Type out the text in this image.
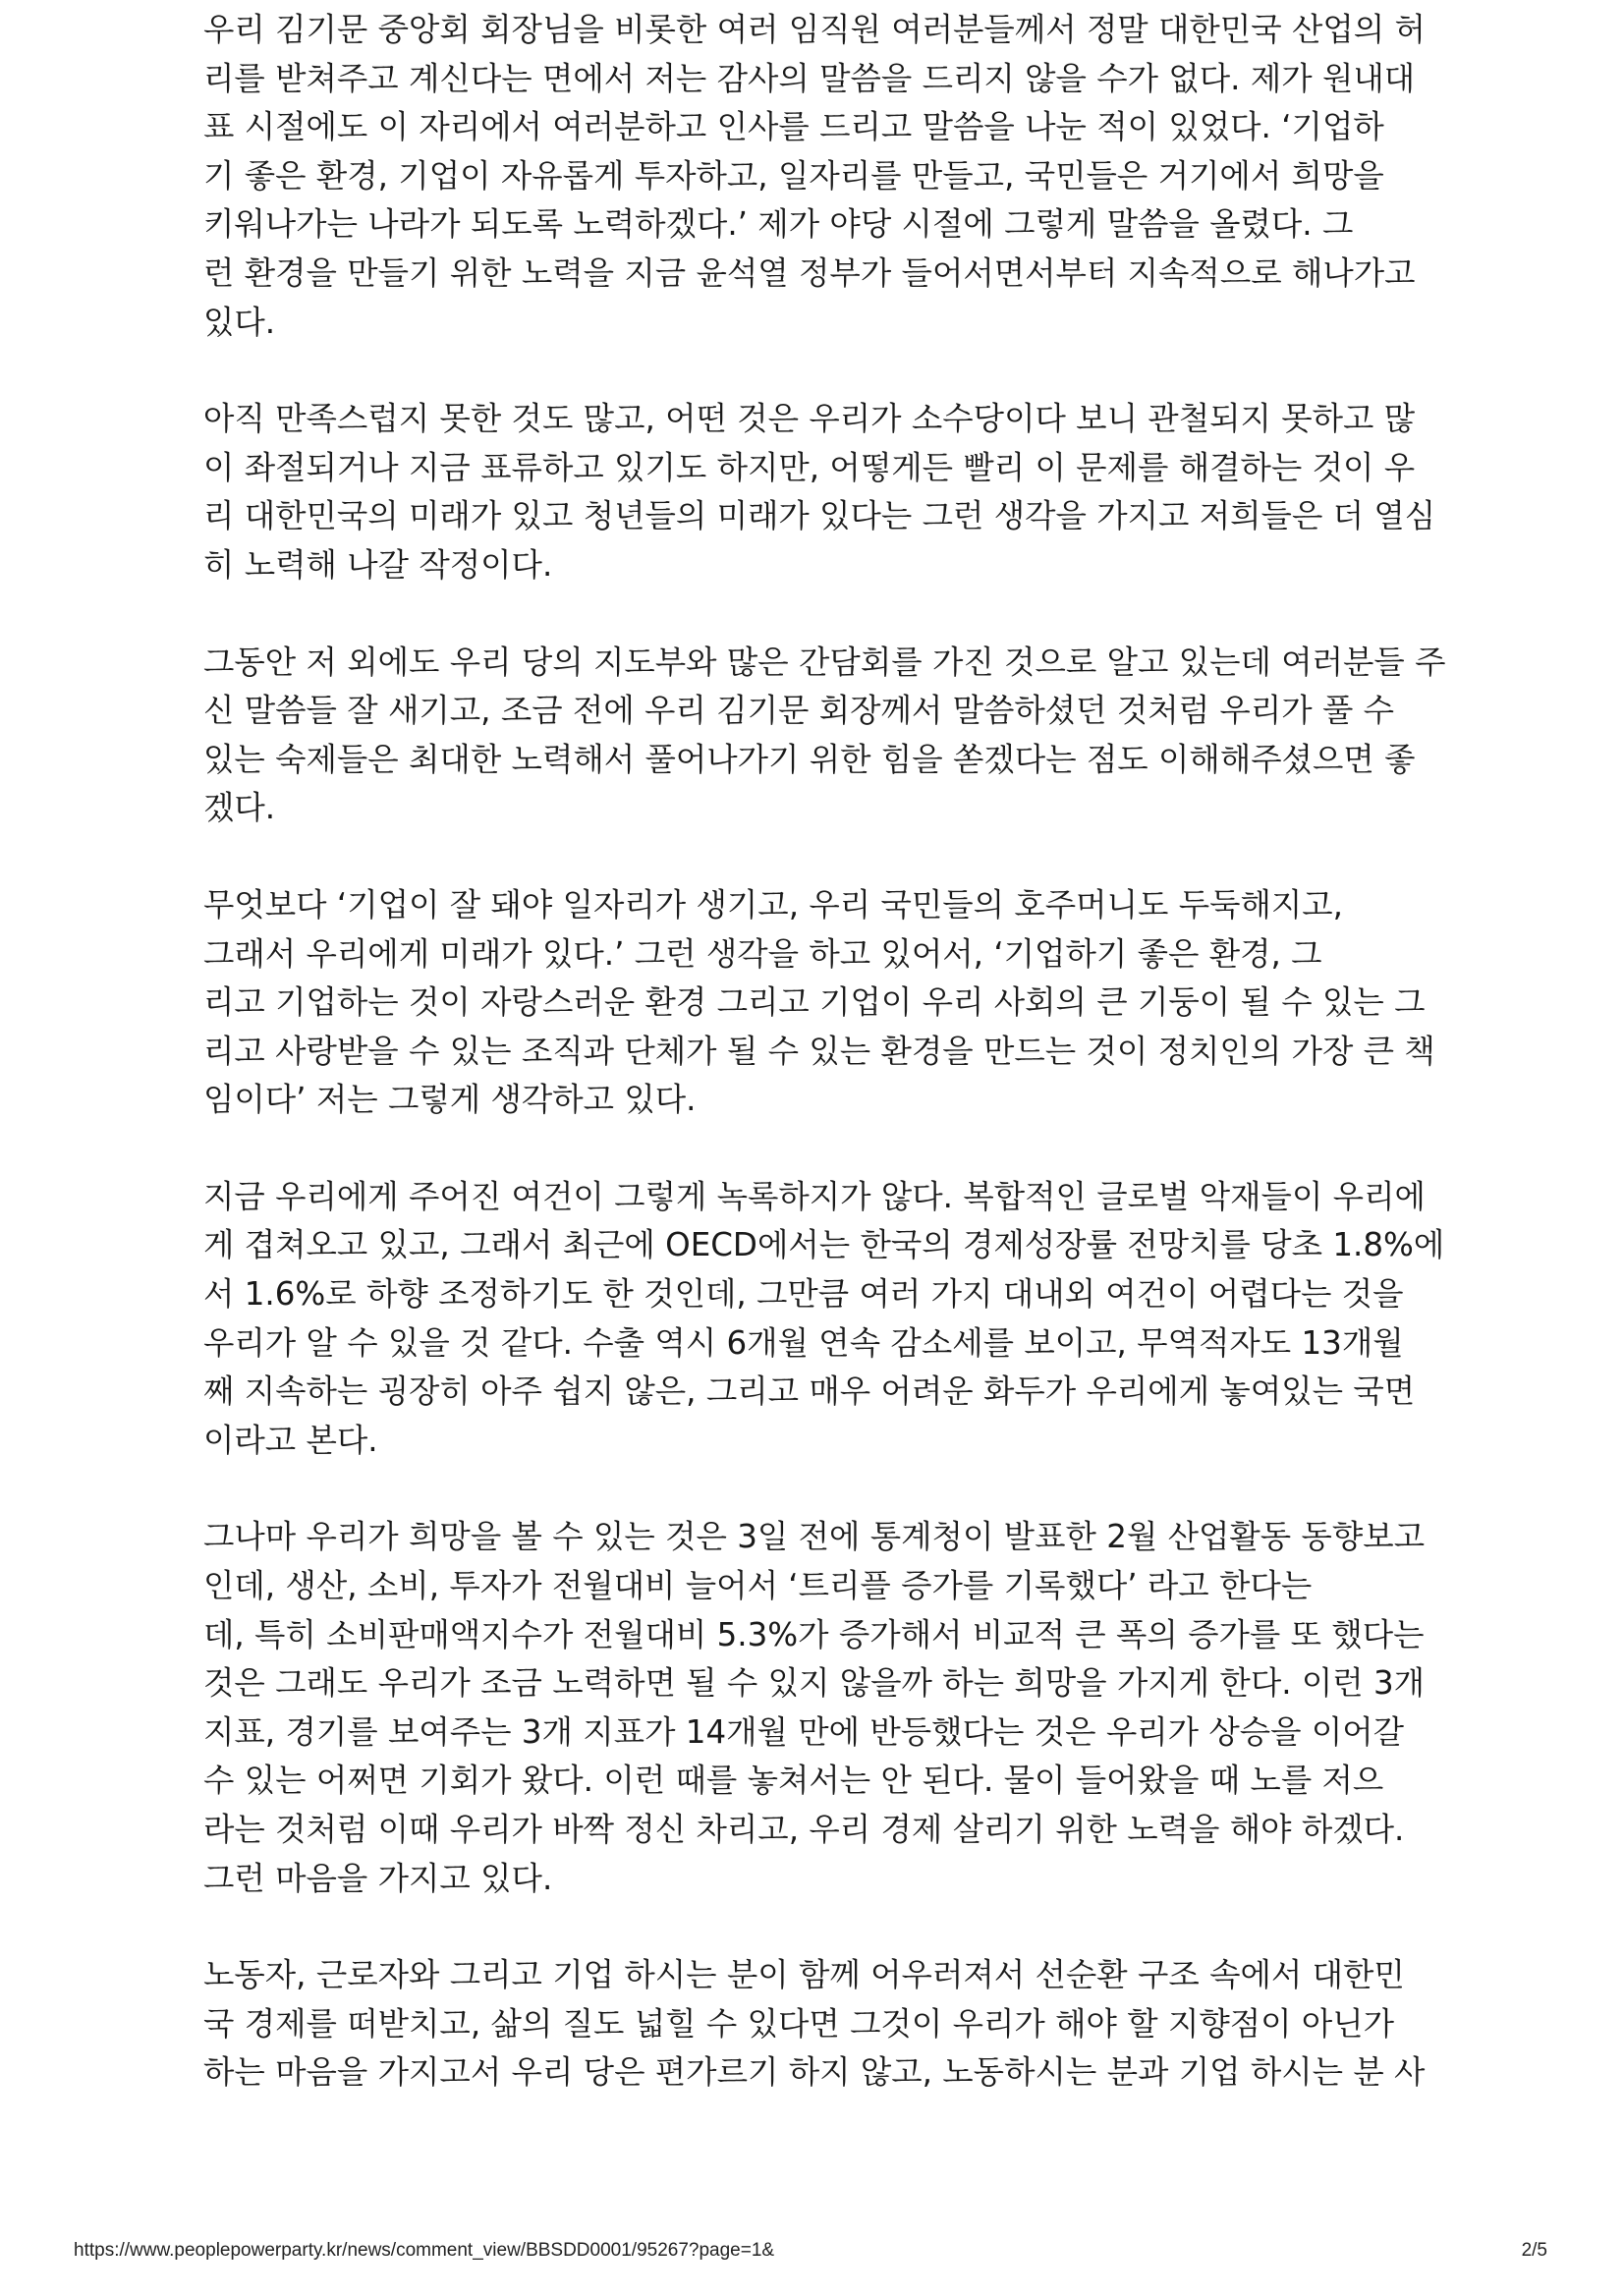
우리 김기문 중앙회 회장님을 비롯한 여러 임직원 여러분들께서 정말 대한민국 산업의 허
리를 받쳐주고 계신다는 면에서 저는 감사의 말씀을 드리지 않을 수가 없다. 제가 원내대
표 시절에도 이 자리에서 여러분하고 인사를 드리고 말씀을 나눈 적이 있었다. ‘기업하
기 좋은 환경, 기업이 자유롭게 투자하고, 일자리를 만들고, 국민들은 거기에서 희망을
키워나가는 나라가 되도록 노력하겠다.’ 제가 야당 시절에 그렇게 말씀을 올렸다. 그
런 환경을 만들기 위한 노력을 지금 윤석열 정부가 들어서면서부터 지속적으로 해나가고
있다.

아직 만족스럽지 못한 것도 많고, 어떤 것은 우리가 소수당이다 보니 관철되지 못하고 많
이 좌절되거나 지금 표류하고 있기도 하지만, 어떻게든 빨리 이 문제를 해결하는 것이 우
리 대한민국의 미래가 있고 청년들의 미래가 있다는 그런 생각을 가지고 저희들은 더 열심
히 노력해 나갈 작정이다.

그동안 저 외에도 우리 당의 지도부와 많은 간담회를 가진 것으로 알고 있는데 여러분들 주
신 말씀들 잘 새기고, 조금 전에 우리 김기문 회장께서 말씀하셨던 것처럼 우리가 풀 수
있는 숙제들은 최대한 노력해서 풀어나가기 위한 힘을 쏟겠다는 점도 이해해주셨으면 좋
겠다.

무엇보다 ‘기업이 잘 돼야 일자리가 생기고, 우리 국민들의 호주머니도 두둑해지고,
그래서 우리에게 미래가 있다.’ 그런 생각을 하고 있어서, ‘기업하기 좋은 환경, 그
리고 기업하는 것이 자랑스러운 환경 그리고 기업이 우리 사회의 큰 기둥이 될 수 있는 그
리고 사랑받을 수 있는 조직과 단체가 될 수 있는 환경을 만드는 것이 정치인의 가장 큰 책
임이다’ 저는 그렇게 생각하고 있다.

지금 우리에게 주어진 여건이 그렇게 녹록하지가 않다. 복합적인 글로벌 악재들이 우리에
게 겹쳐오고 있고, 그래서 최근에 OECD에서는 한국의 경제성장률 전망치를 당초 1.8%에
서 1.6%로 하향 조정하기도 한 것인데, 그만큼 여러 가지 대내외 여건이 어렵다는 것을
우리가 알 수 있을 것 같다. 수출 역시 6개월 연속 감소세를 보이고, 무역적자도 13개월
째 지속하는 굉장히 아주 쉽지 않은, 그리고 매우 어려운 화두가 우리에게 놓여있는 국면
이라고 본다.

그나마 우리가 희망을 볼 수 있는 것은 3일 전에 통계청이 발표한 2월 산업활동 동향보고
인데, 생산, 소비, 투자가 전월대비 늘어서 ‘트리플 증가를 기록했다’ 라고 한다는
데, 특히 소비판매액지수가 전월대비 5.3%가 증가해서 비교적 큰 폭의 증가를 또 했다는
것은 그래도 우리가 조금 노력하면 될 수 있지 않을까 하는 희망을 가지게 한다. 이런 3개
지표, 경기를 보여주는 3개 지표가 14개월 만에 반등했다는 것은 우리가 상승을 이어갈
수 있는 어쩌면 기회가 왔다. 이런 때를 놓쳐서는 안 된다. 물이 들어왔을 때 노를 저으
라는 것처럼 이때 우리가 바짝 정신 차리고, 우리 경제 살리기 위한 노력을 해야 하겠다.
그런 마음을 가지고 있다.

노동자, 근로자와 그리고 기업 하시는 분이 함께 어우러져서 선순환 구조 속에서 대한민
국 경제를 떠받치고, 삶의 질도 넓힐 수 있다면 그것이 우리가 해야 할 지향점이 아닌가
하는 마음을 가지고서 우리 당은 편가르기 하지 않고, 노동하시는 분과 기업 하시는 분 사

https://www.peoplepowerparty.kr/news/comment_view/BBSDD0001/95267?page=1&	2/5
